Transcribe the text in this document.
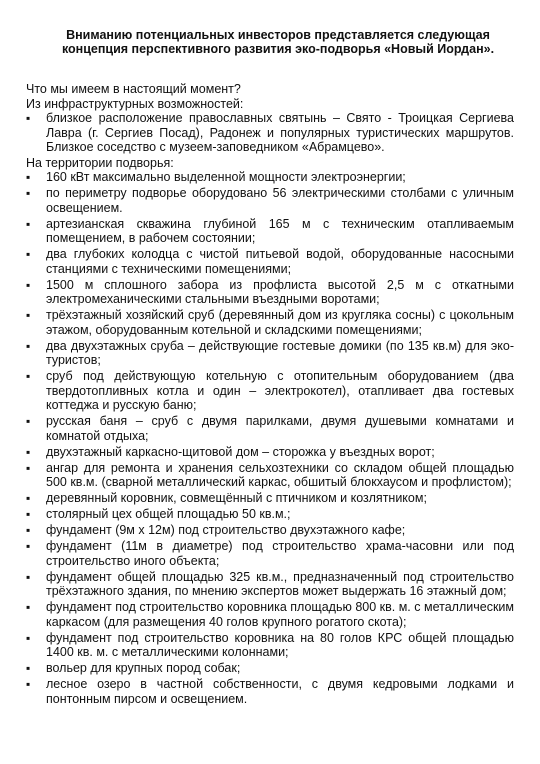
Вниманию потенциальных инвесторов представляется следующая
концепция перспективного развития эко-подворья «Новый Иордан».

Что мы имеем в настоящий момент?

Из инфраструктурных возможностей:

▪
близкое расположение православных святынь – Свято - Троицкая Сергиева Лавра (г. Сергиев Посад), Радонеж и популярных туристических маршрутов. Близкое соседство с музеем-заповедником «Абрамцево».

На территории подворья:

▪
160 кВт максимально выделенной мощности электроэнергии;
▪
по периметру подворье оборудовано 56 электрическими столбами с уличным освещением.
▪
артезианская скважина глубиной 165 м с техническим отапливаемым помещением, в рабочем состоянии;
▪
два глубоких колодца с чистой питьевой водой, оборудованные насосными станциями с техническими помещениями;
▪
1500 м сплошного забора из профлиста высотой 2,5 м с откатными электромеханическими стальными въездными воротами;
▪
трёхэтажный хозяйский сруб (деревянный дом из кругляка сосны) с цокольным этажом, оборудованным котельной и складскими помещениями;
▪
два двухэтажных сруба – действующие гостевые домики (по 135 кв.м) для эко-туристов;
▪
сруб под действующую котельную с отопительным оборудованием (два твердотопливных котла и один – электрокотел), отапливает два гостевых коттеджа и русскую баню;
▪
русская баня – сруб с двумя парилками, двумя душевыми комнатами и комнатой отдыха;
▪
двухэтажный каркасно-щитовой дом – сторожка у въездных ворот;
▪
ангар для ремонта и хранения сельхозтехники со складом общей площадью 500 кв.м. (сварной металлический каркас, обшитый блокхаусом и профлистом);
▪
деревянный коровник, совмещённый с птичником и козлятником;
▪
столярный цех общей площадью 50 кв.м.;
▪
фундамент (9м х 12м) под строительство двухэтажного кафе;
▪
фундамент (11м в диаметре) под строительство храма-часовни или под строительство иного объекта;
▪
фундамент общей площадью 325 кв.м., предназначенный под строительство трёхэтажного здания, по мнению экспертов может выдержать 16 этажный дом;
▪
фундамент под строительство коровника площадью 800 кв. м. с металлическим каркасом (для размещения 40 голов крупного рогатого скота);
▪
фундамент под строительство коровника на 80 голов КРС общей площадью 1400 кв. м. с металлическими колоннами;
▪
вольер для крупных пород собак;
▪
лесное озеро в частной собственности, с двумя кедровыми лодками и понтонным пирсом и освещением.
